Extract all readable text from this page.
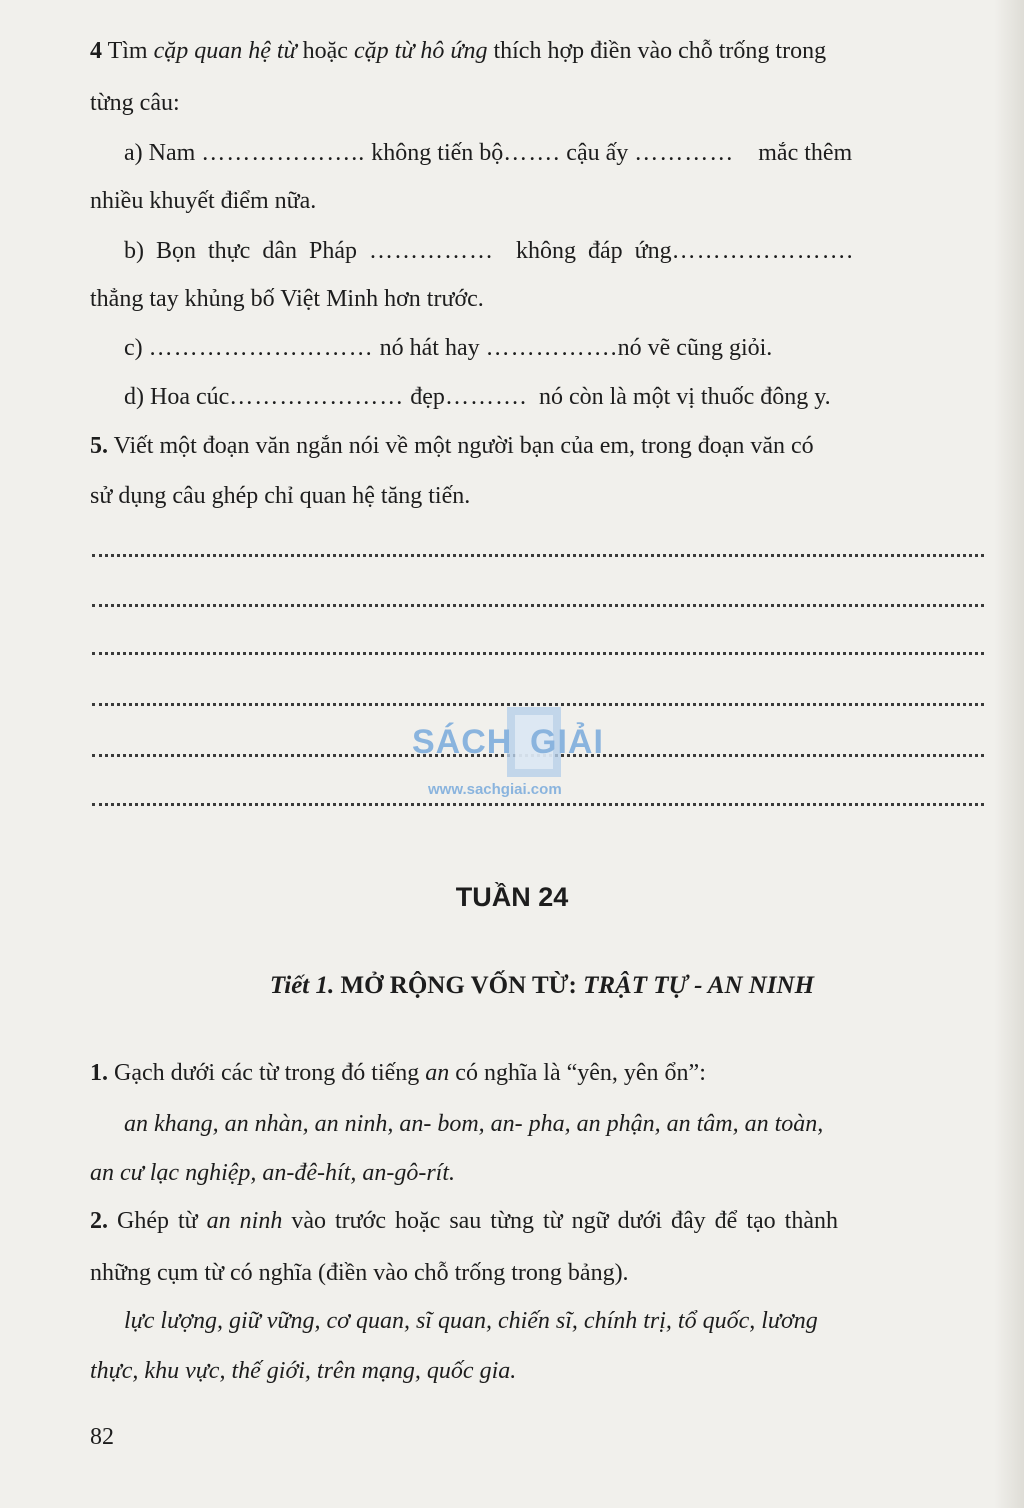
4 Tìm cặp quan hệ từ hoặc cặp từ hô ứng thích hợp điền vào chỗ trống trong
từng câu:
a) Nam ……………….. không tiến bộ……. cậu ấy ………… mắc thêm
nhiều khuyết điểm nữa.
b) Bọn thực dân Pháp …………… không đáp ứng………………….
thẳng tay khủng bố Việt Minh hơn trước.
c) ……………………… nó hát hay …………….nó vẽ cũng giỏi.
d) Hoa cúc………………… đẹp………. nó còn là một vị thuốc đông y.
5. Viết một đoạn văn ngắn nói về một người bạn của em, trong đoạn văn có
sử dụng câu ghép chỉ quan hệ tăng tiến.
SÁCH GIẢI
www.sachgiai.com
TUẦN 24
Tiết 1. MỞ RỘNG VỐN TỪ: TRẬT TỰ - AN NINH
1. Gạch dưới các từ trong đó tiếng an có nghĩa là “yên, yên ổn”:
an khang, an nhàn, an ninh, an- bom, an- pha, an phận, an tâm, an toàn,
an cư lạc nghiệp, an-đê-hít, an-gô-rít.
2. Ghép từ an ninh vào trước hoặc sau từng từ ngữ dưới đây để tạo thành
những cụm từ có nghĩa (điền vào chỗ trống trong bảng).
lực lượng, giữ vững, cơ quan, sĩ quan, chiến sĩ, chính trị, tổ quốc, lương
thực, khu vực, thế giới, trên mạng, quốc gia.
82
